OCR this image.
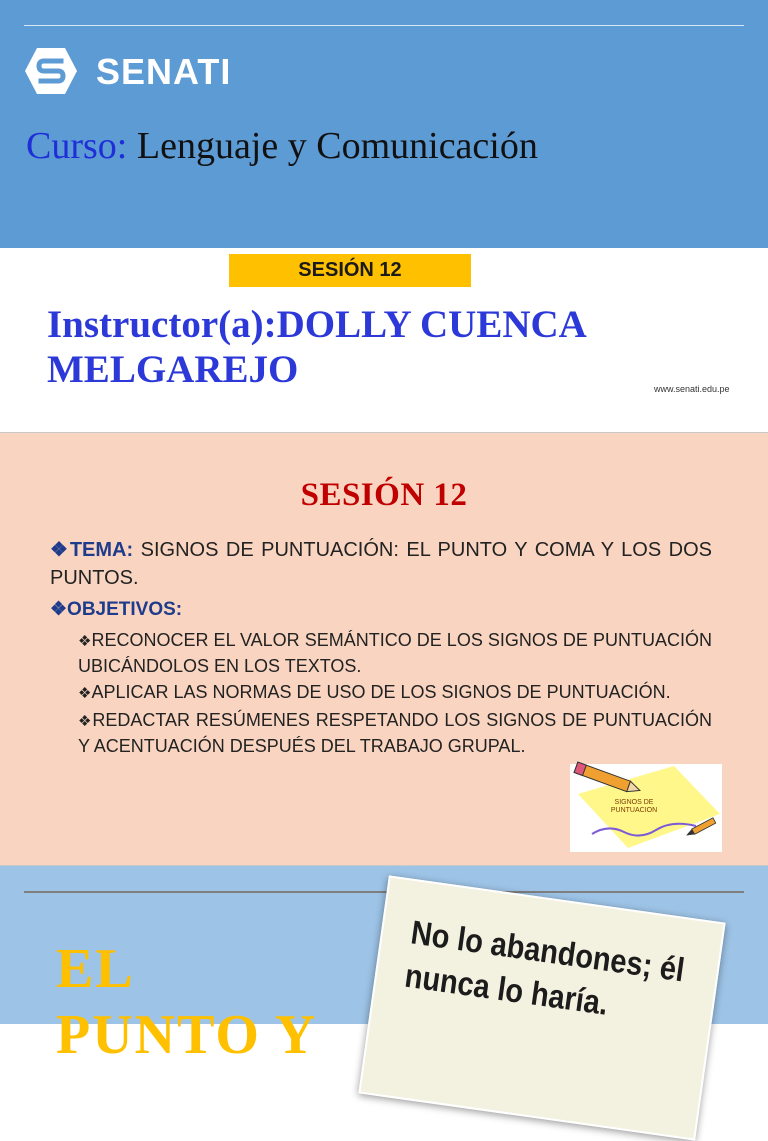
SENATI
Curso: Lenguaje y Comunicación
SESIÓN 12
Instructor(a):DOLLY CUENCA MELGAREJO	www.senati.edu.pe
SESIÓN 12

❖TEMA: SIGNOS DE PUNTUACIÓN: EL PUNTO Y COMA Y LOS DOS PUNTOS.

❖OBJETIVOS:

❖RECONOCER EL VALOR SEMÁNTICO DE LOS SIGNOS DE PUNTUACIÓN UBICÁNDOLOS EN LOS TEXTOS.
❖APLICAR LAS NORMAS DE USO DE LOS SIGNOS DE PUNTUACIÓN.
❖REDACTAR RESÚMENES RESPETANDO LOS SIGNOS DE PUNTUACIÓN Y ACENTUACIÓN DESPUÉS DEL TRABAJO GRUPAL.
SIGNOS DE
PUNTUACION
EL
PUNTO Y
No lo abandones; él nunca lo haría.
